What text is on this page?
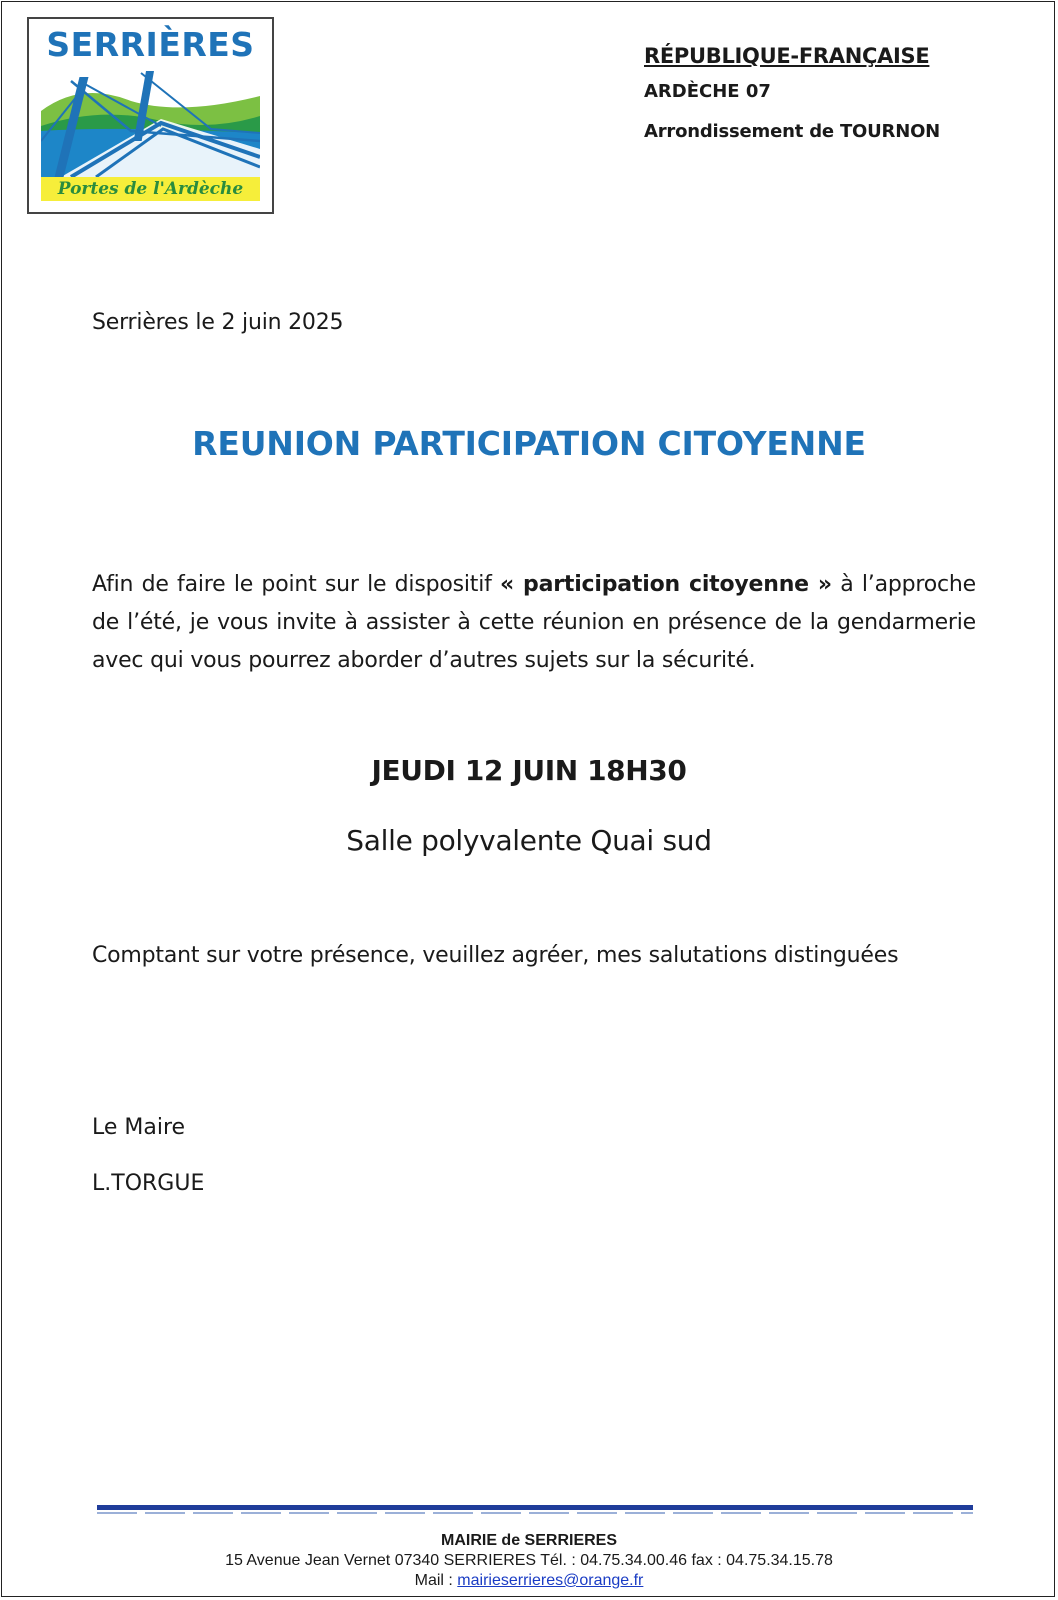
SERRIÈRES
Portes de l'Ardèche
RÉPUBLIQUE-FRANÇAISE
ARDÈCHE 07
Arrondissement de TOURNON
Serrières le 2 juin 2025
REUNION PARTICIPATION CITOYENNE
Afin de faire le point sur le dispositif « participation citoyenne » à l’approche de l’été, je vous invite à assister à cette réunion en présence de la gendarmerie avec qui vous pourrez aborder d’autres sujets sur la sécurité.
JEUDI 12 JUIN 18H30
Salle polyvalente Quai sud
Comptant sur votre présence, veuillez agréer, mes salutations distinguées
Le Maire
L.TORGUE
MAIRIE de SERRIERES
15 Avenue Jean Vernet 07340 SERRIERES Tél. : 04.75.34.00.46 fax : 04.75.34.15.78
Mail : mairieserrieres@orange.fr
